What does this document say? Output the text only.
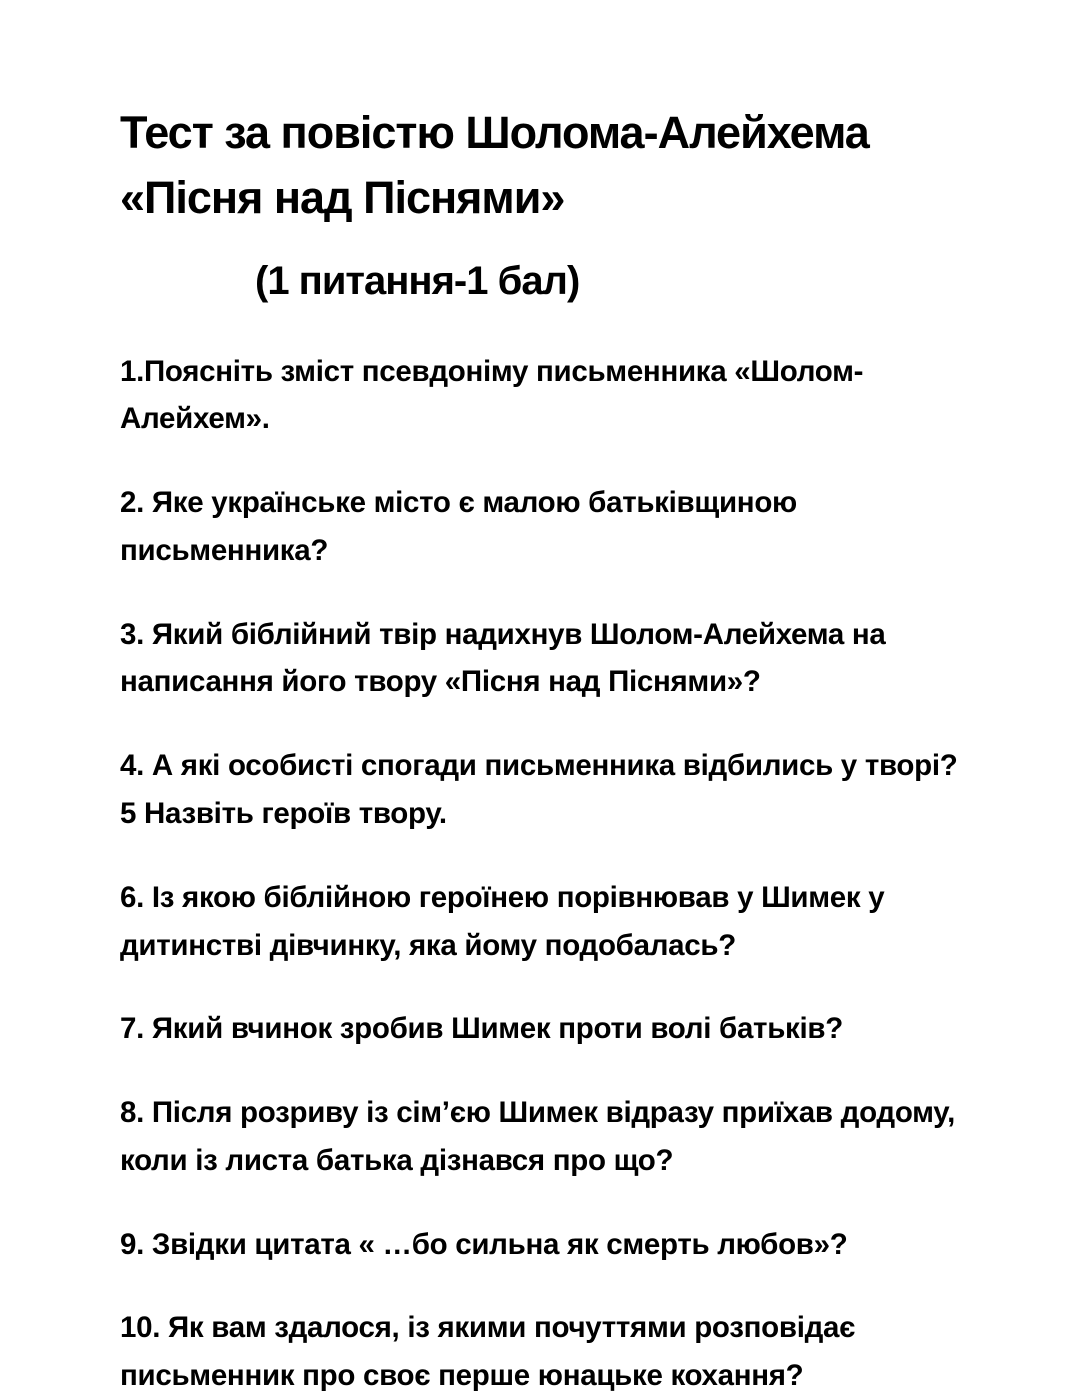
Тест за повістю Шолома-Алейхема
«Пісня над Піснями»
(1 питання-1 бал)

1.Поясніть зміст псевдоніму письменника «Шолом-Алейхем».

2. Яке українське місто є малою батьківщиною письменника?

3. Який біблійний твір надихнув Шолом-Алейхема на написання його твору «Пісня над Піснями»?

4. А які особисті спогади письменника відбились у творі?

5 Назвіть героїв твору.

6. Із якою біблійною героїнею порівнював у Шимек у дитинстві дівчинку, яка йому подобалась?

7. Який вчинок зробив Шимек проти волі батьків?

8. Після розриву із сім’єю Шимек відразу приїхав додому, коли із листа батька дізнався про що?

9. Звідки цитата « …бо сильна як смерть любов»?

10. Як вам здалося, із якими почуттями розповідає письменник про своє перше юнацьке кохання?
